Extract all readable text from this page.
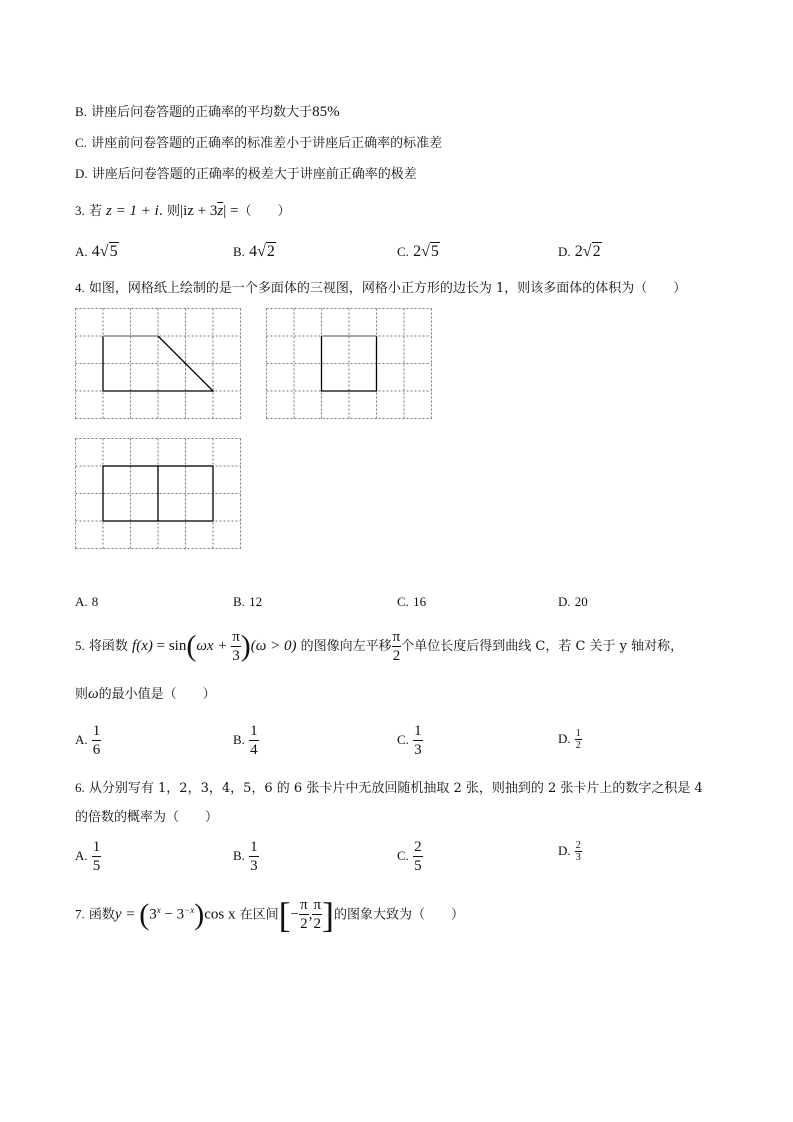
B. 讲座后问卷答题的正确率的平均数大于85%
C. 讲座前问卷答题的正确率的标准差小于讲座后正确率的标准差
D. 讲座后问卷答题的正确率的极差大于讲座前正确率的极差
3. 若 z = 1 + i. 则$|iz + 3\overline{z}|$ =（　　）
A. 4√5	B. 4√2	C. 2√5	D. 2√2
4. 如图，网格纸上绘制的是一个多面体的三视图，网格小正方形的边长为 1，则该多面体的体积为（　　）
A. 8	B. 12	C. 16	D. 20
5. 将函数 $f(x) = \sin(\omega x + \frac{\pi}{3} )(\omega > 0)$ 的图像向左平移 $\frac{\pi}{2}$ 个单位长度后得到曲线 C，若 C 关于 y 轴对称，
则ω的最小值是（　　）
A. $\frac{1}{6}$	B. $\frac{1}{4}$	C. $\frac{1}{3}$	D. $\frac{1}{2}$
6. 从分别写有 1，2，3，4，5，6 的 6 张卡片中无放回随机抽取 2 张，则抽到的 2 张卡片上的数字之积是 4
的倍数的概率为（　　）
A. $\frac{1}{5}$	B. $\frac{1}{3}$	C. $\frac{2}{5}$	D. $\frac{2}{3}$
7. 函数$y = (3^x - 3^{-x})\cos$ x 在区间[− $\frac{\pi}{2}$ , $\frac{\pi}{2}$ ]的图象大致为（　　）
